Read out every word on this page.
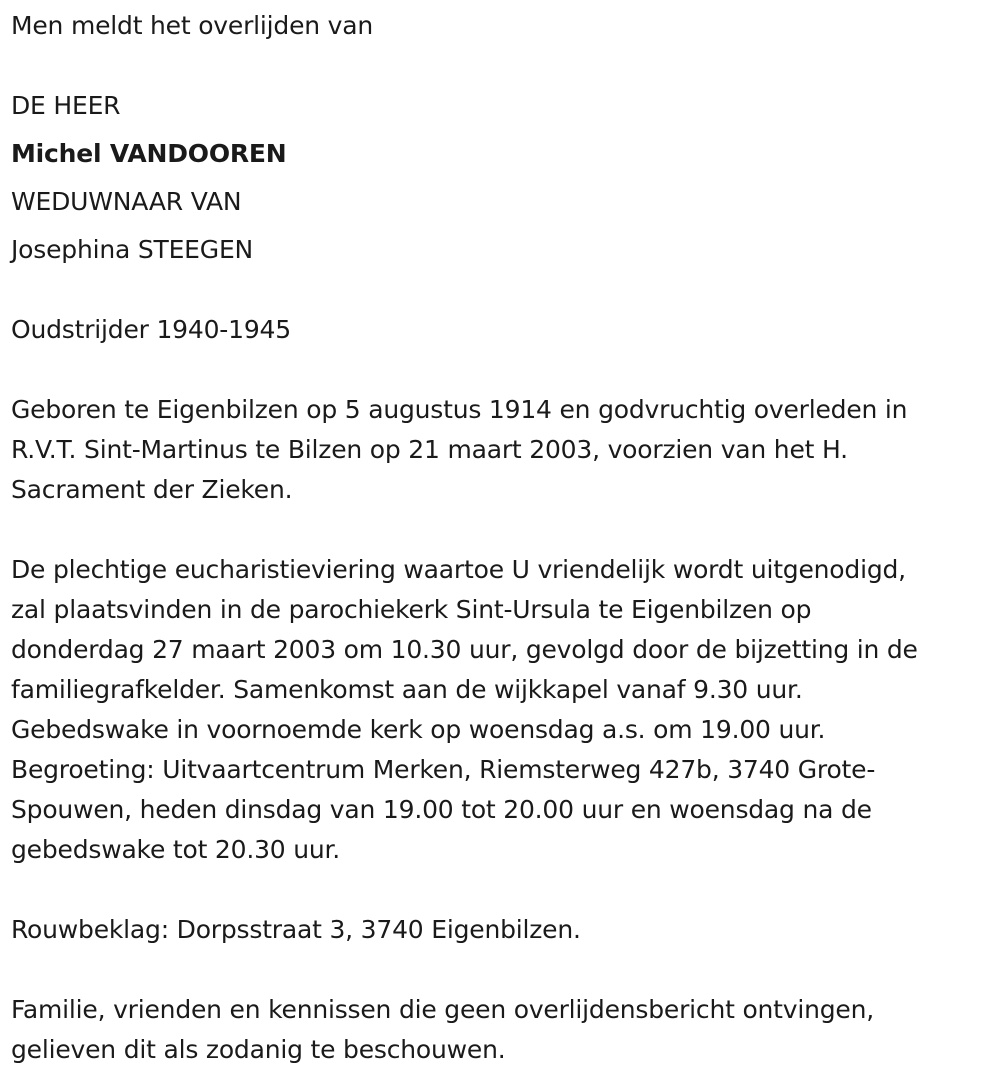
Men meldt het overlijden van
DE HEER
Michel VANDOOREN
WEDUWNAAR VAN
Josephina STEEGEN
Oudstrijder 1940-1945
Geboren te Eigenbilzen op 5 augustus 1914 en godvruchtig overleden in
R.V.T. Sint-Martinus te Bilzen op 21 maart 2003, voorzien van het H.
Sacrament der Zieken.
De plechtige eucharistieviering waartoe U vriendelijk wordt uitgenodigd,
zal plaatsvinden in de parochiekerk Sint-Ursula te Eigenbilzen op
donderdag 27 maart 2003 om 10.30 uur, gevolgd door de bijzetting in de
familiegrafkelder. Samenkomst aan de wijkkapel vanaf 9.30 uur.
Gebedswake in voornoemde kerk op woensdag a.s. om 19.00 uur.
Begroeting: Uitvaartcentrum Merken, Riemsterweg 427b, 3740 Grote-
Spouwen, heden dinsdag van 19.00 tot 20.00 uur en woensdag na de
gebedswake tot 20.30 uur.
Rouwbeklag: Dorpsstraat 3, 3740 Eigenbilzen.
Familie, vrienden en kennissen die geen overlijdensbericht ontvingen,
gelieven dit als zodanig te beschouwen.
